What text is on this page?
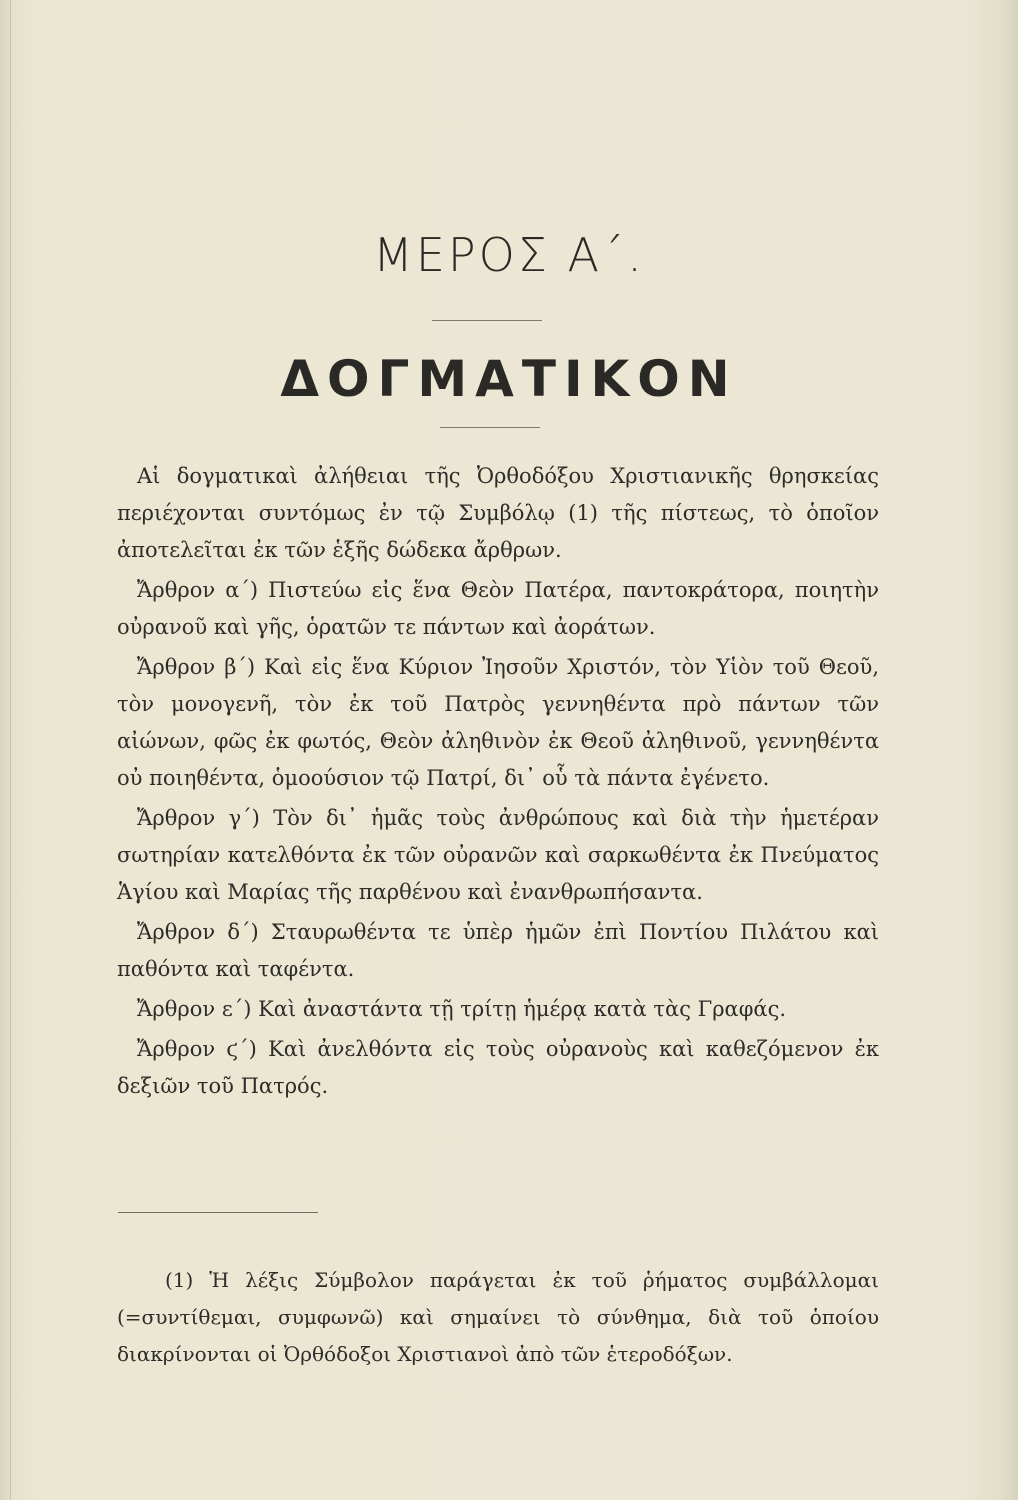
ΜΕΡΟΣ Α΄.
ΔΟΓΜΑΤΙΚΟΝ

Αἱ δογματικαὶ ἀλήθειαι τῆς Ὀρθοδόξου Χριστιανικῆς θρησκείας περιέχονται συντόμως ἐν τῷ Συμβόλῳ (1) τῆς πίστεως, τὸ ὁποῖον ἀποτελεῖται ἐκ τῶν ἑξῆς δώδεκα ἄρθρων.

Ἄρθρον α΄) Πιστεύω εἰς ἕνα Θεὸν Πατέρα, παντοκράτορα, ποιητὴν οὐρανοῦ καὶ γῆς, ὁρατῶν τε πάντων καὶ ἀοράτων.

Ἄρθρον β΄) Καὶ εἰς ἕνα Κύριον Ἰησοῦν Χριστόν, τὸν Υἱὸν τοῦ Θεοῦ, τὸν μονογενῆ, τὸν ἐκ τοῦ Πατρὸς γεννηθέντα πρὸ πάντων τῶν αἰώνων, φῶς ἐκ φωτός, Θεὸν ἀληθινὸν ἐκ Θεοῦ ἀληθινοῦ, γεννηθέντα οὐ ποιηθέντα, ὁμοούσιον τῷ Πατρί, δι᾿ οὗ τὰ πάντα ἐγένετο.

Ἄρθρον γ΄) Τὸν δι᾿ ἡμᾶς τοὺς ἀνθρώπους καὶ διὰ τὴν ἡμετέραν σωτηρίαν κατελθόντα ἐκ τῶν οὐρανῶν καὶ σαρκωθέντα ἐκ Πνεύματος Ἁγίου καὶ Μαρίας τῆς παρθένου καὶ ἐνανθρωπήσαντα.

Ἄρθρον δ΄) Σταυρωθέντα τε ὑπὲρ ἡμῶν ἐπὶ Ποντίου Πιλάτου καὶ παθόντα καὶ ταφέντα.

Ἄρθρον ε΄) Καὶ ἀναστάντα τῇ τρίτῃ ἡμέρᾳ κατὰ τὰς Γραφάς.

Ἄρθρον ϛ΄) Καὶ ἀνελθόντα εἰς τοὺς οὐρανοὺς καὶ καθεζόμενον ἐκ δεξιῶν τοῦ Πατρός.

(1) Ἡ λέξις Σύμβολον παράγεται ἐκ τοῦ ῥήματος συμβάλλομαι (=συντίθεμαι, συμφωνῶ) καὶ σημαίνει τὸ σύνθημα, διὰ τοῦ ὁποίου διακρίνονται οἱ Ὀρθόδοξοι Χριστιανοὶ ἀπὸ τῶν ἑτεροδόξων.
